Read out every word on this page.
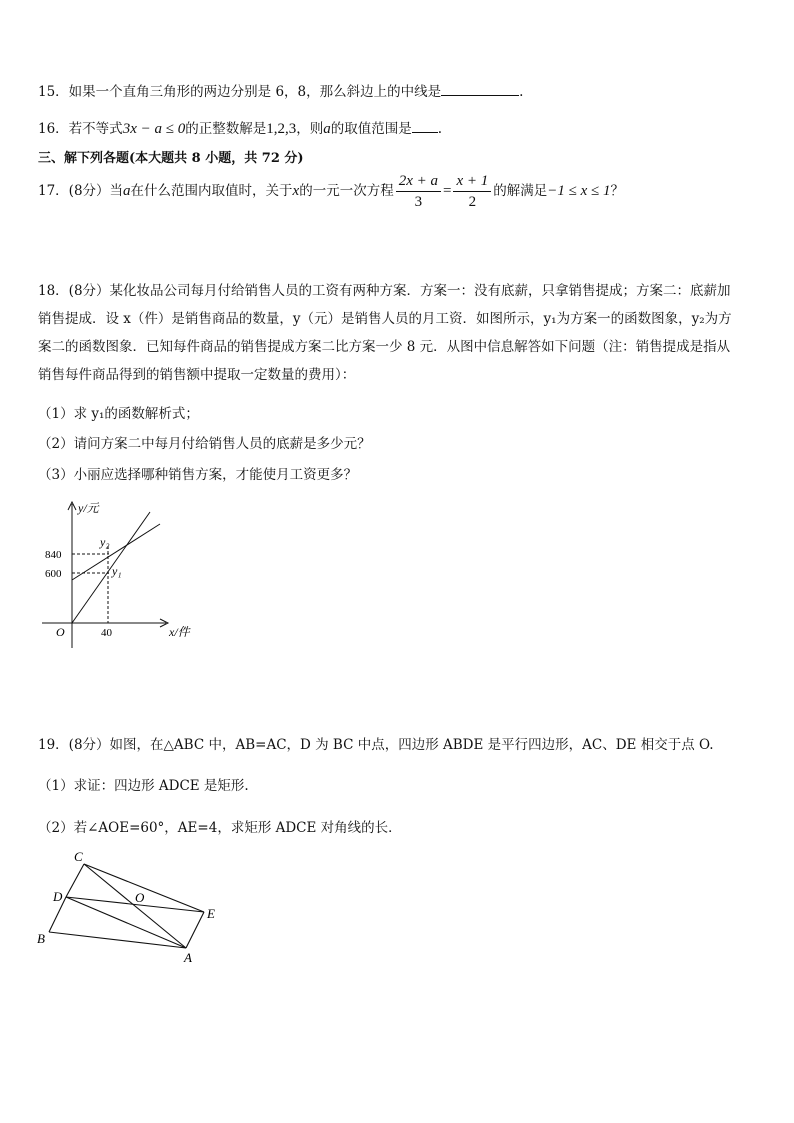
15．如果一个直角三角形的两边分别是 6，8，那么斜边上的中线是	.
16．若不等式3x − a ≤ 0的正整数解是1,2,3，则a的取值范围是 .
三、解下列各题(本大题共 8 小题，共 72 分)
17．(8分）当 a 在什么范围内取值时，关于 x 的一元一次方程 $\frac{2x + a}{3} = \frac{x + 1}{2}$ 的解满足 −1 ≤ x ≤ 1 ？
18．(8分）某化妆品公司每月付给销售人员的工资有两种方案．方案一：没有底薪，只拿销售提成；方案二：底薪加
销售提成．设 x（件）是销售商品的数量，y（元）是销售人员的月工资．如图所示，y₁为方案一的函数图象，y₂为方
案二的函数图象．已知每件商品的销售提成方案二比方案一少 8 元．从图中信息解答如下问题（注：销售提成是指从
销售每件商品得到的销售额中提取一定数量的费用）：
（1）求 y₁的函数解析式；
（2）请问方案二中每月付给销售人员的底薪是多少元？
（3）小丽应选择哪种销售方案，才能使月工资更多？
y/元
x/件
O
840
600
40
y₂
y₁
19．(8分）如图，在△ABC 中，AB=AC，D 为 BC 中点，四边形 ABDE 是平行四边形，AC、DE 相交于点 O.
（1）求证：四边形 ADCE 是矩形.
（2）若∠AOE=60°，AE=4，求矩形 ADCE 对角线的长．
C
D	O
E
B
A
